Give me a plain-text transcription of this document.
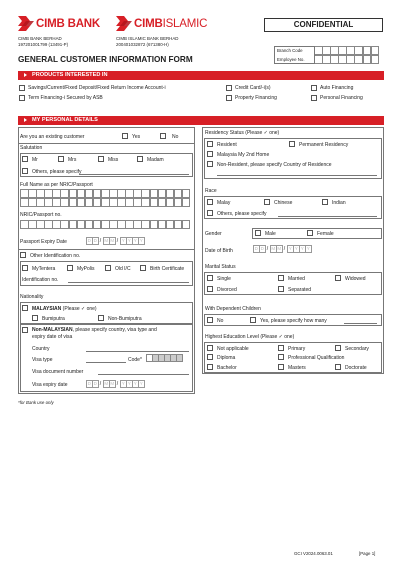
CIMB BANK	CIMBISLAMIC
CIMB BANK BERHAD
197201001799 (13491-P)
CIMB ISLAMIC BANK BERHAD
200401032872 (671380-H)
CONFIDENTIAL
Branch Code
Employee No.
GENERAL CUSTOMER INFORMATION FORM
PRODUCTS INTERESTED IN
Savings/Current/Fixed Deposit/Fixed Return Income Account-i	Credit Card/-i(s)	Auto Financing
Term Financing-i Secured by ASB	Property Financing	Personal Financing
MY PERSONAL DETAILS
Are you an existing customer	Yes	No
Salutation
Mr	Mrs	Miss	Madam
Others, please specify
Full Name as per NRIC/Passport
NRIC/Passport no.
Passport Expiry Date	D D / M M / Y Y Y Y
Other Identification no.
MyTentera	MyPolis	Old I/C	Birth Certificate
Identification no.
Nationality
MALAYSIAN (Please ✓ one)
Bumiputra	Non-Bumiputra
Non-MALAYSIAN, please specify country, visa type and
expiry date of visa
Country
Visa type	Code*
Visa document number
Visa expiry date	D D / M M / Y Y Y Y
Residency Status (Please ✓ one)
Resident	Permanent Residency
Malaysia My 2nd Home
Non-Resident, please specify Country of Residence
Race
Malay	Chinese	Indian
Others, please specify
Gender	Male	Female
Date of Birth	D D / M M / Y Y Y Y
Marital Status
Single	Married	Widowed
Divorced	Separated
With Dependent Children
No	Yes, please specify how many
Highest Education Level (Please ✓ one)
Not applicable	Primary	Secondary
Diploma	Professional Qualification
Bachelor	Masters	Doctorate
*for Bank use only
GCI V2024.0063.01	[Page 1]
